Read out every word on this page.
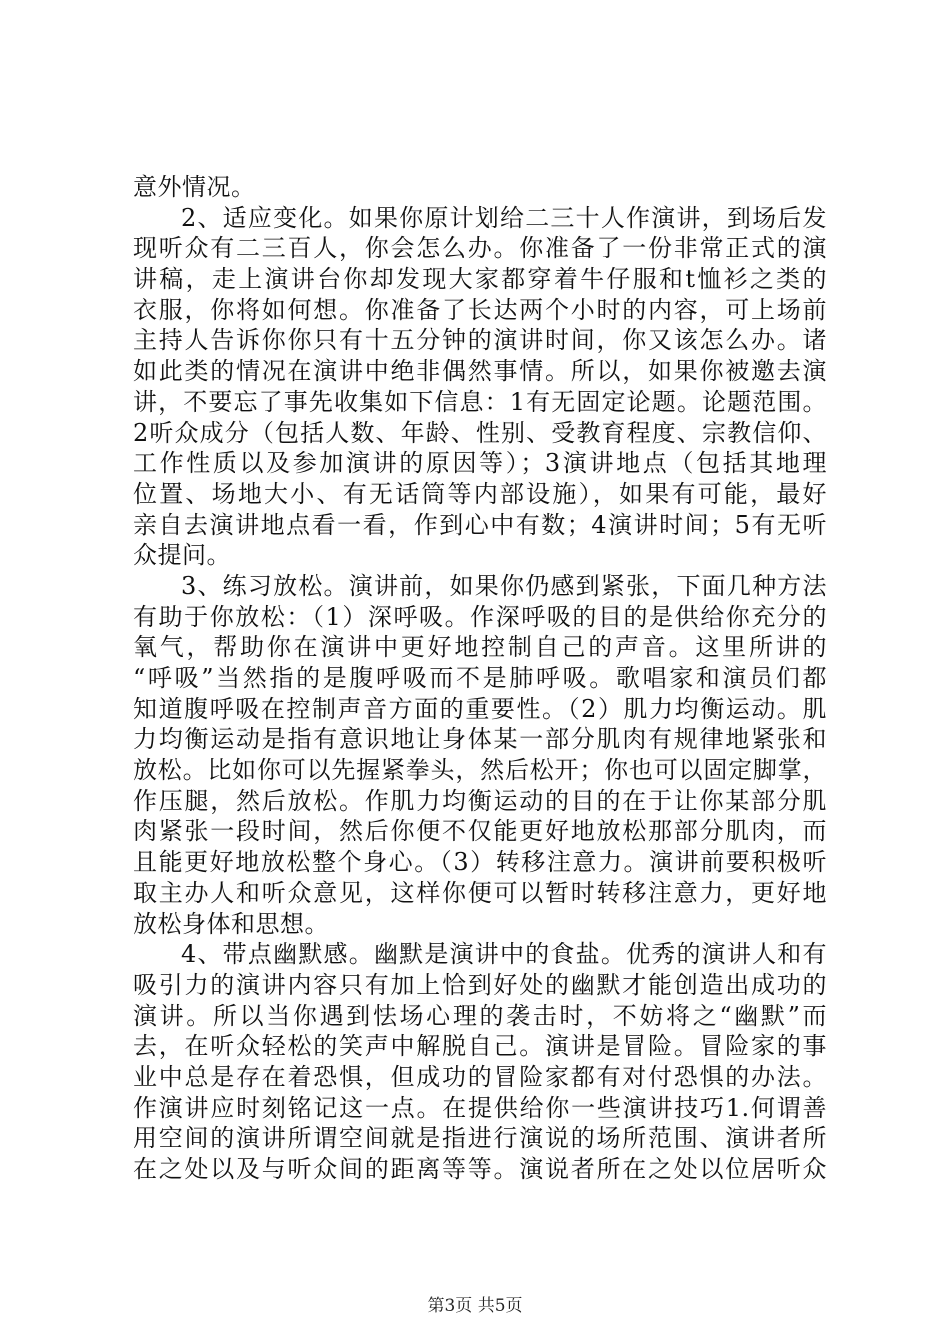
意外情况。
2、适应变化。如果你原计划给二三十人作演讲，到场后发
现听众有二三百人，你会怎么办。你准备了一份非常正式的演
讲稿，走上演讲台你却发现大家都穿着牛仔服和t恤衫之类的
衣服，你将如何想。你准备了长达两个小时的内容，可上场前
主持人告诉你你只有十五分钟的演讲时间，你又该怎么办。诸
如此类的情况在演讲中绝非偶然事情。所以，如果你被邀去演
讲，不要忘了事先收集如下信息：1有无固定论题。论题范围。
2听众成分（包括人数、年龄、性别、受教育程度、宗教信仰、
工作性质以及参加演讲的原因等）；3演讲地点（包括其地理
位置、场地大小、有无话筒等内部设施），如果有可能，最好
亲自去演讲地点看一看，作到心中有数；4演讲时间；5有无听
众提问。
3、练习放松。演讲前，如果你仍感到紧张，下面几种方法
有助于你放松：（1）深呼吸。作深呼吸的目的是供给你充分的
氧气，帮助你在演讲中更好地控制自己的声音。这里所讲的
“呼吸”当然指的是腹呼吸而不是肺呼吸。歌唱家和演员们都
知道腹呼吸在控制声音方面的重要性。（2）肌力均衡运动。肌
力均衡运动是指有意识地让身体某一部分肌肉有规律地紧张和
放松。比如你可以先握紧拳头，然后松开；你也可以固定脚掌，
作压腿，然后放松。作肌力均衡运动的目的在于让你某部分肌
肉紧张一段时间，然后你便不仅能更好地放松那部分肌肉，而
且能更好地放松整个身心。（3）转移注意力。演讲前要积极听
取主办人和听众意见，这样你便可以暂时转移注意力，更好地
放松身体和思想。
4、带点幽默感。幽默是演讲中的食盐。优秀的演讲人和有
吸引力的演讲内容只有加上恰到好处的幽默才能创造出成功的
演讲。所以当你遇到怯场心理的袭击时，不妨将之“幽默”而
去，在听众轻松的笑声中解脱自己。演讲是冒险。冒险家的事
业中总是存在着恐惧，但成功的冒险家都有对付恐惧的办法。
作演讲应时刻铭记这一点。在提供给你一些演讲技巧1.何谓善
用空间的演讲所谓空间就是指进行演说的场所范围、演讲者所
在之处以及与听众间的距离等等。演说者所在之处以位居听众
第3页 共5页
